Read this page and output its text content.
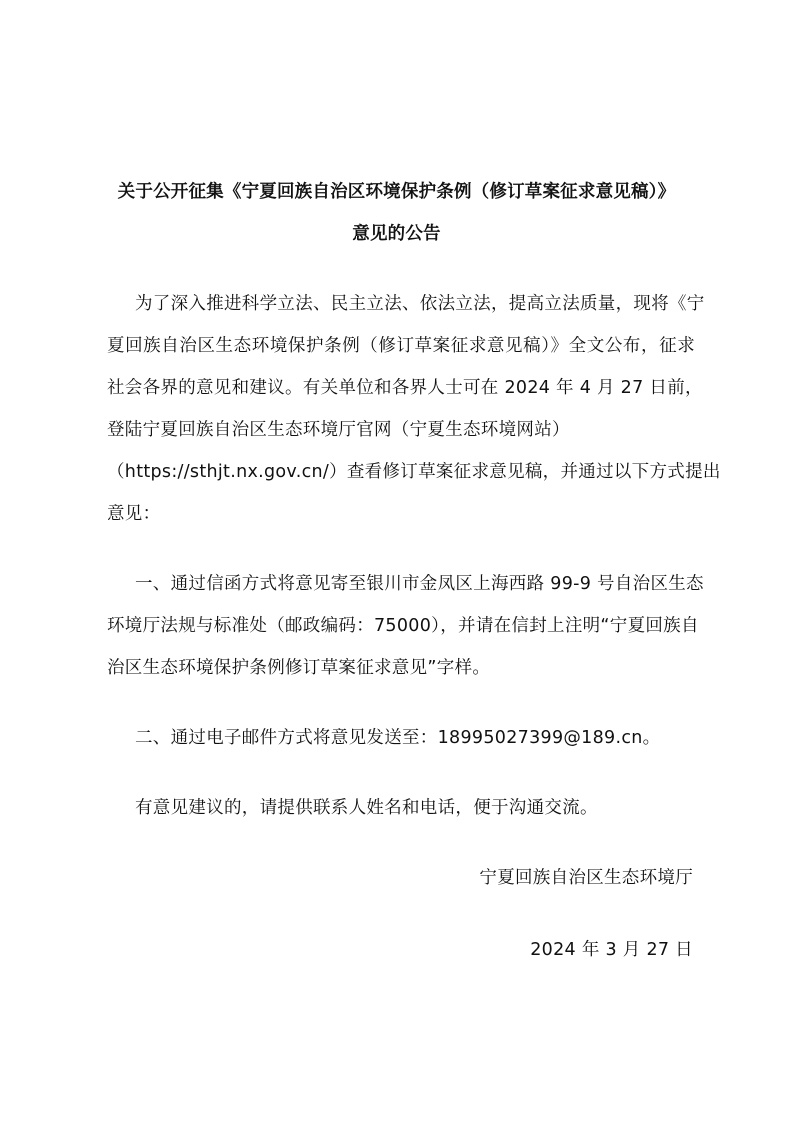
关于公开征集《宁夏回族自治区环境保护条例（修订草案征求意见稿）》
意见的公告
为了深入推进科学立法、民主立法、依法立法，提高立法质量，现将《宁
夏回族自治区生态环境保护条例（修订草案征求意见稿）》全文公布，征求
社会各界的意见和建议。有关单位和各界人士可在 2024 年 4 月 27 日前，
登陆宁夏回族自治区生态环境厅官网（宁夏生态环境网站）
（https://sthjt.nx.gov.cn/）查看修订草案征求意见稿，并通过以下方式提出
意见：
一、通过信函方式将意见寄至银川市金凤区上海西路 99-9 号自治区生态
环境厅法规与标准处（邮政编码：75000），并请在信封上注明“宁夏回族自
治区生态环境保护条例修订草案征求意见”字样。
二、通过电子邮件方式将意见发送至：18995027399@189.cn。
有意见建议的，请提供联系人姓名和电话，便于沟通交流。
宁夏回族自治区生态环境厅
2024 年 3 月 27 日
